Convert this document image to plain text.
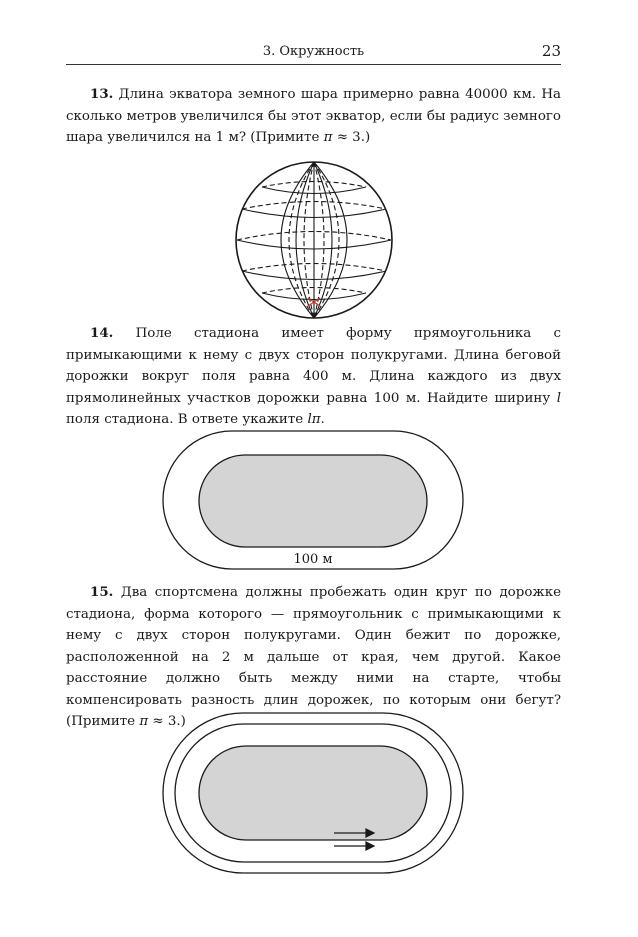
3. Окружность	23

13. Длина экватора земного шара примерно равна 40000 км. На сколько метров увеличился бы этот экватор, если бы радиус земного шара увеличился на 1 м? (Примите π ≈ 3.)

14. Поле стадиона имеет форму прямоугольника с примыкающими к нему с двух сторон полукругами. Длина беговой дорожки вокруг поля равна 400 м. Длина каждого из двух прямолинейных участков дорожки равна 100 м. Найдите ширину l поля стадиона. В ответе укажите lπ.

100 м

15. Два спортсмена должны пробежать один круг по дорожке стадиона, форма которого — прямоугольник с примыкающими к нему с двух сторон полукругами. Один бежит по дорожке, расположенной на 2 м дальше от края, чем другой. Какое расстояние должно быть между ними на старте, чтобы компенсировать разность длин дорожек, по которым они бегут? (Примите π ≈ 3.)
